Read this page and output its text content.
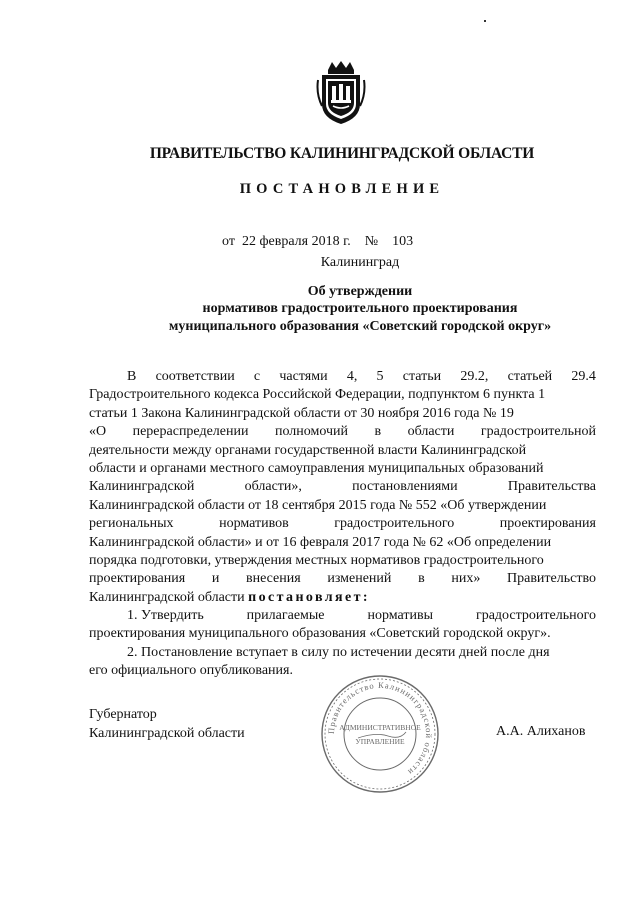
ПРАВИТЕЛЬСТВО КАЛИНИНГРАДСКОЙ ОБЛАСТИ
ПОСТАНОВЛЕНИЕ
от 22 февраля 2018 г. № 103
Калининград
Об утверждении
нормативов градостроительного проектирования
муниципального образования «Советский городской округ»
В соответствии с частями 4, 5 статьи 29.2, статьей 29.4
Градостроительного кодекса Российской Федерации, подпунктом 6 пункта 1
статьи 1 Закона Калининградской области от 30 ноября 2016 года № 19
«О перераспределении полномочий в области градостроительной
деятельности между органами государственной власти Калининградской
области и органами местного самоуправления муниципальных образований
Калининградской	области»,	постановлениями	Правительства
Калининградской области от 18 сентября 2015 года № 552 «Об утверждении
региональных	нормативов	градостроительного	проектирования
Калининградской области» и от 16 февраля 2017 года № 62 «Об определении
порядка подготовки, утверждения местных нормативов градостроительного
проектирования и внесения изменений в них» Правительство
Калининградской области
постановляет:
1. Утвердить	прилагаемые	нормативы	градостроительного
проектирования муниципального образования «Советский городской округ».
2. Постановление вступает в силу по истечении десяти дней после дня
его официального опубликования.
Губернатор
Калининградской области	Правительство Калининградской области
АДМИНИСТРАТИВНОЕ
УПРАВЛЕНИЕ
А.А. Алиханов
